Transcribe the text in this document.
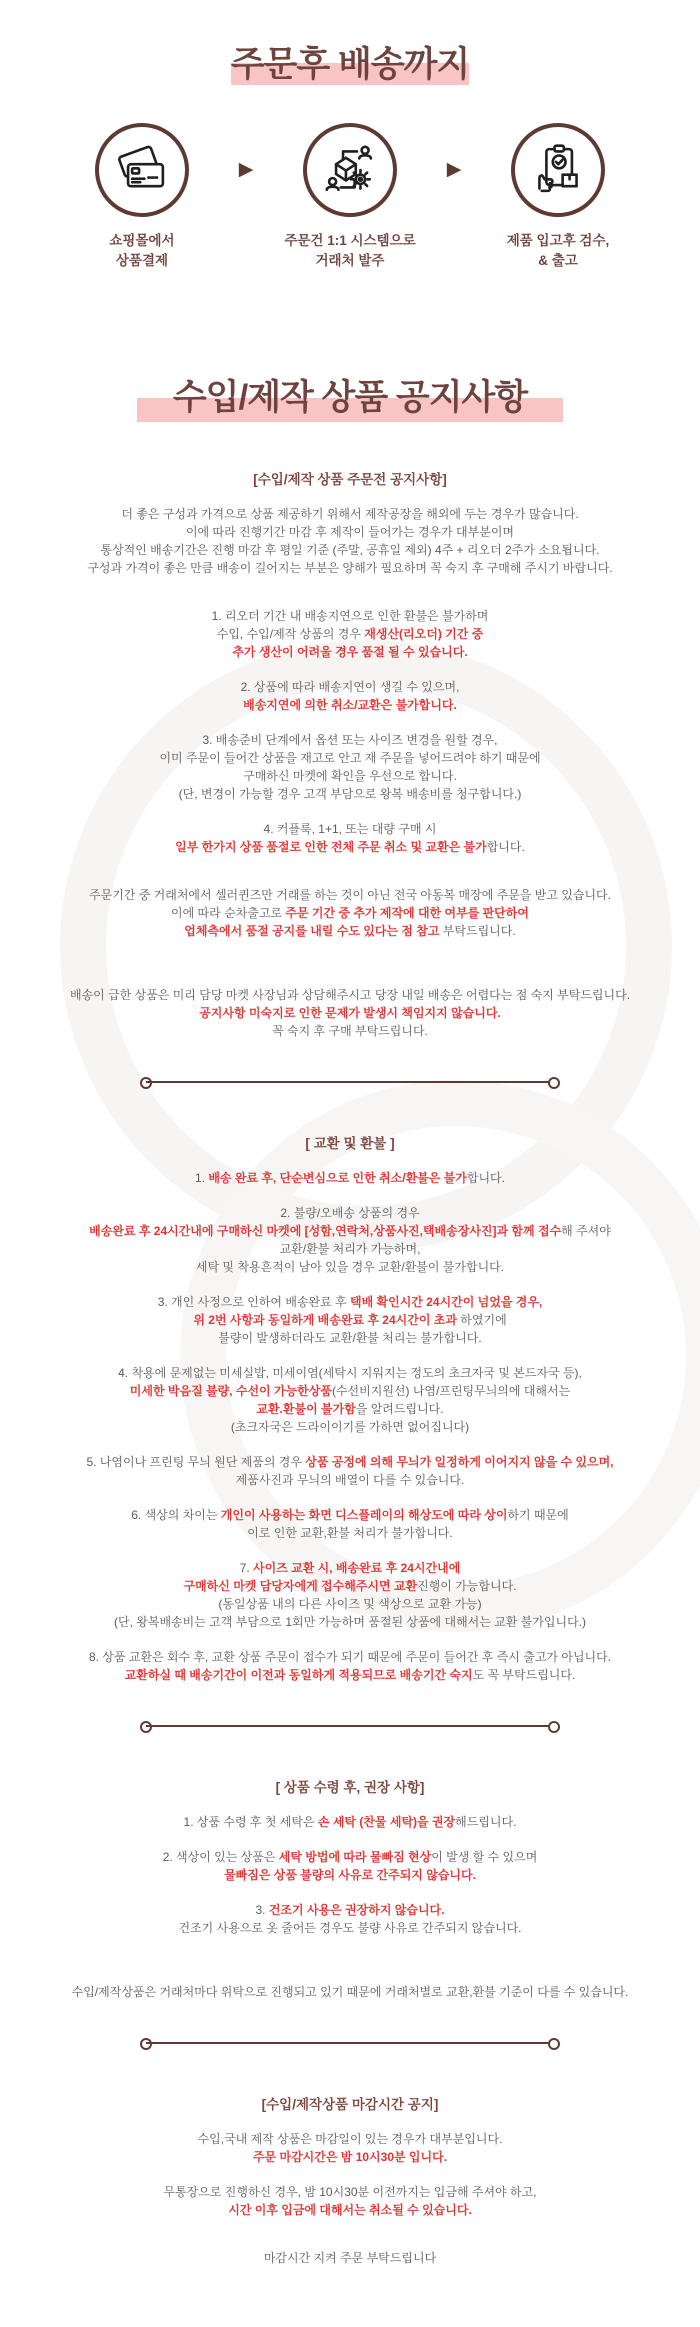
주문후 배송까지
쇼핑몰에서
상품결제
▶
주문건 1:1 시스템으로
거래처 발주
▶
제품 입고후 검수,
& 출고
수입/제작 상품 공지사항
[수입/제작 상품 주문전 공지사항]

더 좋은 구성과 가격으로 상품 제공하기 위해서 제작공장을 해외에 두는 경우가 많습니다.
이에 따라 진행기간 마감 후 제작이 들어가는 경우가 대부분이며
통상적인 배송기간은 진행 마감 후 평일 기준 (주말, 공휴일 제외) 4주 + 리오더 2주가 소요됩니다.
구성과 가격이 좋은 만큼 배송이 길어지는 부분은 양해가 필요하며 꼭 숙지 후 구매해 주시기 바랍니다.

1. 리오더 기간 내 배송지연으로 인한 환불은 불가하며
수입, 수입/제작 상품의 경우 재생산(리오더) 기간 중
추가 생산이 어려울 경우 품절 될 수 있습니다.

2. 상품에 따라 배송지연이 생길 수 있으며,
배송지연에 의한 취소/교환은 불가합니다.

3. 배송준비 단계에서 옵션 또는 사이즈 변경을 원할 경우,
이미 주문이 들어간 상품을 재고로 안고 재 주문을 넣어드려야 하기 때문에
구매하신 마켓에 확인을 우선으로 합니다.
(단, 변경이 가능할 경우 고객 부담으로 왕복 배송비를 청구합니다.)

4. 커플룩, 1+1, 또는 대량 구매 시
일부 한가지 상품 품절로 인한 전체 주문 취소 및 교환은 불가합니다.

주문기간 중 거래처에서 셀러퀸즈만 거래를 하는 것이 아닌 전국 아동복 매장에 주문을 받고 있습니다.
이에 따라 순차출고로 주문 기간 중 추가 제작에 대한 여부를 판단하여
업체측에서 품절 공지를 내릴 수도 있다는 점 참고 부탁드립니다.

배송이 급한 상품은 미리 담당 마켓 사장님과 상담해주시고 당장 내일 배송은 어렵다는 점 숙지 부탁드립니다.
공지사항 미숙지로 인한 문제가 발생시 책임지지 않습니다.
꼭 숙지 후 구매 부탁드립니다.

[ 교환 및 환불 ]

1. 배송 완료 후, 단순변심으로 인한 취소/환불은 불가합니다.

2. 불량/오배송 상품의 경우
배송완료 후 24시간내에 구매하신 마켓에 [성함,연락처,상품사진,택배송장사진]과 함께 접수해 주셔야
교환/환불 처리가 가능하며,
세탁 및 착용흔적이 남아 있을 경우 교환/환불이 불가합니다.

3. 개인 사정으로 인하여 배송완료 후 택배 확인시간 24시간이 넘었을 경우,
위 2번 사항과 동일하게 배송완료 후 24시간이 초과 하였기에
불량이 발생하더라도 교환/환불 처리는 불가합니다.

4. 착용에 문제없는 미세실밥, 미세이염(세탁시 지워지는 정도의 초크자국 및 본드자국 등),
미세한 박음질 불량, 수선이 가능한상품(수선비지원선) 나염/프린팅무늬의에 대해서는
교환.환불이 불가함을 알려드립니다.
(초크자국은 드라이이기를 가하면 없어집니다)

5. 나염이나 프린팅 무늬 원단 제품의 경우 상품 공정에 의해 무늬가 일정하게 이어지지 않을 수 있으며,
제품사진과 무늬의 배열이 다를 수 있습니다.

6. 색상의 차이는 개인이 사용하는 화면 디스플레이의 해상도에 따라 상이하기 때문에
이로 인한 교환,환불 처리가 불가합니다.

7. 사이즈 교환 시, 배송완료 후 24시간내에
구매하신 마켓 담당자에게 접수해주시면 교환진행이 가능합니다.
(동일상품 내의 다른 사이즈 및 색상으로 교환 가능)
(단, 왕복배송비는 고객 부담으로 1회만 가능하며 품절된 상품에 대해서는 교환 불가입니다.)

8. 상품 교환은 회수 후, 교환 상품 주문이 접수가 되기 때문에 주문이 들어간 후 즉시 출고가 아닙니다.
교환하실 때 배송기간이 이전과 동일하게 적용되므로 배송기간 숙지도 꼭 부탁드립니다.

[ 상품 수령 후, 권장 사항]

1. 상품 수령 후 첫 세탁은 손 세탁 (찬물 세탁)을 권장해드립니다.

2. 색상이 있는 상품은 세탁 방법에 따라 물빠짐 현상이 발생 할 수 있으며
물빠짐은 상품 불량의 사유로 간주되지 않습니다.

3. 건조기 사용은 권장하지 않습니다.
건조기 사용으로 옷 줄어든 경우도 불량 사유로 간주되지 않습니다.

수입/제작상품은 거래처마다 위탁으로 진행되고 있기 때문에 거래처별로 교환,환불 기준이 다를 수 있습니다.

[수입/제작상품 마감시간 공지]

수입,국내 제작 상품은 마감일이 있는 경우가 대부분입니다.
주문 마감시간은 밤 10시30분 입니다.

무통장으로 진행하신 경우, 밤 10시30분 이전까지는 입금해 주셔야 하고,
시간 이후 입금에 대해서는 취소될 수 있습니다.

마감시간 지켜 주문 부탁드립니다
